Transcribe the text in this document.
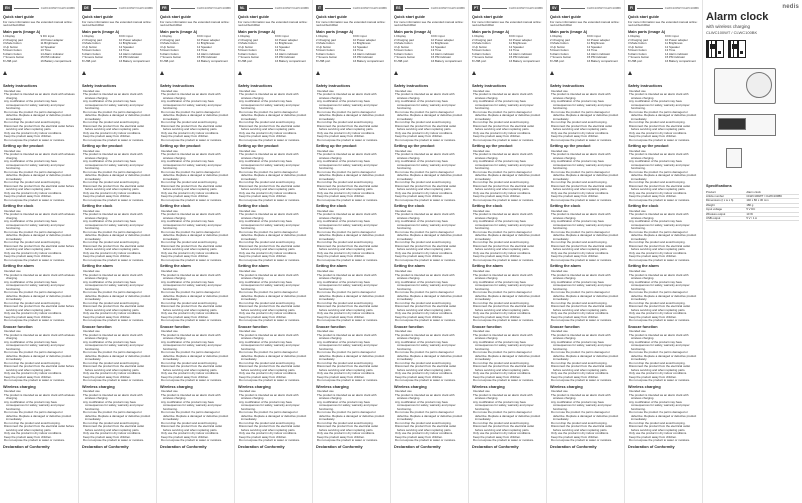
EN	CLWC100WT/CLWC100BK
Quick start guide
For more information see the extended manual online: ned.is/clwc100wt
Main parts (image A)
1 Display	9 DC input
2 Charging pad	10 Power adapter
3 Mode button	11 Brightness
4 Up button	12 Speaker
5 Down button	13 Time
6 Alarm button	14 Alarm indicator
7 Snooze button	15 PM indicator
8 USB port	16 Battery compartment
Safety instructions
Intended use
The product is intended as an alarm clock with wireless charging.
Any modification of the product may have consequences for safety, warranty and proper functioning.
Do not use the product if a part is damaged or defective. Replace a damaged or defective product immediately.
Do not drop the product and avoid bumping.
Disconnect the product from the electrical outlet before servicing and when replacing parts.
Only use the product in dry indoor conditions.
Keep the product away from children.
Do not expose the product to water or moisture.
Setting up the product
Intended use
The product is intended as an alarm clock with wireless charging.
Any modification of the product may have consequences for safety, warranty and proper functioning.
Do not use the product if a part is damaged or defective. Replace a damaged or defective product immediately.
Do not drop the product and avoid bumping.
Disconnect the product from the electrical outlet before servicing and when replacing parts.
Only use the product in dry indoor conditions.
Keep the product away from children.
Do not expose the product to water or moisture.
Setting the clock
Intended use
The product is intended as an alarm clock with wireless charging.
Any modification of the product may have consequences for safety, warranty and proper functioning.
Do not use the product if a part is damaged or defective. Replace a damaged or defective product immediately.
Do not drop the product and avoid bumping.
Disconnect the product from the electrical outlet before servicing and when replacing parts.
Only use the product in dry indoor conditions.
Keep the product away from children.
Do not expose the product to water or moisture.
Setting the alarm
Intended use
The product is intended as an alarm clock with wireless charging.
Any modification of the product may have consequences for safety, warranty and proper functioning.
Do not use the product if a part is damaged or defective. Replace a damaged or defective product immediately.
Do not drop the product and avoid bumping.
Disconnect the product from the electrical outlet before servicing and when replacing parts.
Only use the product in dry indoor conditions.
Keep the product away from children.
Do not expose the product to water or moisture.
Snooze function
Intended use
The product is intended as an alarm clock with wireless charging.
Any modification of the product may have consequences for safety, warranty and proper functioning.
Do not use the product if a part is damaged or defective. Replace a damaged or defective product immediately.
Do not drop the product and avoid bumping.
Disconnect the product from the electrical outlet before servicing and when replacing parts.
Only use the product in dry indoor conditions.
Keep the product away from children.
Do not expose the product to water or moisture.
Wireless charging
Intended use
The product is intended as an alarm clock with wireless charging.
Any modification of the product may have consequences for safety, warranty and proper functioning.
Do not use the product if a part is damaged or defective. Replace a damaged or defective product immediately.
Do not drop the product and avoid bumping.
Disconnect the product from the electrical outlet before servicing and when replacing parts.
Only use the product in dry indoor conditions.
Keep the product away from children.
Do not expose the product to water or moisture.
Declaration of Conformity
DE	CLWC100WT/CLWC100BK
Quick start guide
For more information see the extended manual online: ned.is/clwc100wt
Main parts (image A)
1 Display	9 DC input
2 Charging pad	10 Power adapter
3 Mode button	11 Brightness
4 Up button	12 Speaker
5 Down button	13 Time
6 Alarm button	14 Alarm indicator
7 Snooze button	15 PM indicator
8 USB port	16 Battery compartment
Safety instructions
Intended use
The product is intended as an alarm clock with wireless charging.
Any modification of the product may have consequences for safety, warranty and proper functioning.
Do not use the product if a part is damaged or defective. Replace a damaged or defective product immediately.
Do not drop the product and avoid bumping.
Disconnect the product from the electrical outlet before servicing and when replacing parts.
Only use the product in dry indoor conditions.
Keep the product away from children.
Do not expose the product to water or moisture.
Setting up the product
Intended use
The product is intended as an alarm clock with wireless charging.
Any modification of the product may have consequences for safety, warranty and proper functioning.
Do not use the product if a part is damaged or defective. Replace a damaged or defective product immediately.
Do not drop the product and avoid bumping.
Disconnect the product from the electrical outlet before servicing and when replacing parts.
Only use the product in dry indoor conditions.
Keep the product away from children.
Do not expose the product to water or moisture.
Setting the clock
Intended use
The product is intended as an alarm clock with wireless charging.
Any modification of the product may have consequences for safety, warranty and proper functioning.
Do not use the product if a part is damaged or defective. Replace a damaged or defective product immediately.
Do not drop the product and avoid bumping.
Disconnect the product from the electrical outlet before servicing and when replacing parts.
Only use the product in dry indoor conditions.
Keep the product away from children.
Do not expose the product to water or moisture.
Setting the alarm
Intended use
The product is intended as an alarm clock with wireless charging.
Any modification of the product may have consequences for safety, warranty and proper functioning.
Do not use the product if a part is damaged or defective. Replace a damaged or defective product immediately.
Do not drop the product and avoid bumping.
Disconnect the product from the electrical outlet before servicing and when replacing parts.
Only use the product in dry indoor conditions.
Keep the product away from children.
Do not expose the product to water or moisture.
Snooze function
Intended use
The product is intended as an alarm clock with wireless charging.
Any modification of the product may have consequences for safety, warranty and proper functioning.
Do not use the product if a part is damaged or defective. Replace a damaged or defective product immediately.
Do not drop the product and avoid bumping.
Disconnect the product from the electrical outlet before servicing and when replacing parts.
Only use the product in dry indoor conditions.
Keep the product away from children.
Do not expose the product to water or moisture.
Wireless charging
Intended use
The product is intended as an alarm clock with wireless charging.
Any modification of the product may have consequences for safety, warranty and proper functioning.
Do not use the product if a part is damaged or defective. Replace a damaged or defective product immediately.
Do not drop the product and avoid bumping.
Disconnect the product from the electrical outlet before servicing and when replacing parts.
Only use the product in dry indoor conditions.
Keep the product away from children.
Do not expose the product to water or moisture.
Declaration of Conformity
FR	CLWC100WT/CLWC100BK
Quick start guide
For more information see the extended manual online: ned.is/clwc100wt
Main parts (image A)
1 Display	9 DC input
2 Charging pad	10 Power adapter
3 Mode button	11 Brightness
4 Up button	12 Speaker
5 Down button	13 Time
6 Alarm button	14 Alarm indicator
7 Snooze button	15 PM indicator
8 USB port	16 Battery compartment
Safety instructions
Intended use
The product is intended as an alarm clock with wireless charging.
Any modification of the product may have consequences for safety, warranty and proper functioning.
Do not use the product if a part is damaged or defective. Replace a damaged or defective product immediately.
Do not drop the product and avoid bumping.
Disconnect the product from the electrical outlet before servicing and when replacing parts.
Only use the product in dry indoor conditions.
Keep the product away from children.
Do not expose the product to water or moisture.
Setting up the product
Intended use
The product is intended as an alarm clock with wireless charging.
Any modification of the product may have consequences for safety, warranty and proper functioning.
Do not use the product if a part is damaged or defective. Replace a damaged or defective product immediately.
Do not drop the product and avoid bumping.
Disconnect the product from the electrical outlet before servicing and when replacing parts.
Only use the product in dry indoor conditions.
Keep the product away from children.
Do not expose the product to water or moisture.
Setting the clock
Intended use
The product is intended as an alarm clock with wireless charging.
Any modification of the product may have consequences for safety, warranty and proper functioning.
Do not use the product if a part is damaged or defective. Replace a damaged or defective product immediately.
Do not drop the product and avoid bumping.
Disconnect the product from the electrical outlet before servicing and when replacing parts.
Only use the product in dry indoor conditions.
Keep the product away from children.
Do not expose the product to water or moisture.
Setting the alarm
Intended use
The product is intended as an alarm clock with wireless charging.
Any modification of the product may have consequences for safety, warranty and proper functioning.
Do not use the product if a part is damaged or defective. Replace a damaged or defective product immediately.
Do not drop the product and avoid bumping.
Disconnect the product from the electrical outlet before servicing and when replacing parts.
Only use the product in dry indoor conditions.
Keep the product away from children.
Do not expose the product to water or moisture.
Snooze function
Intended use
The product is intended as an alarm clock with wireless charging.
Any modification of the product may have consequences for safety, warranty and proper functioning.
Do not use the product if a part is damaged or defective. Replace a damaged or defective product immediately.
Do not drop the product and avoid bumping.
Disconnect the product from the electrical outlet before servicing and when replacing parts.
Only use the product in dry indoor conditions.
Keep the product away from children.
Do not expose the product to water or moisture.
Wireless charging
Intended use
The product is intended as an alarm clock with wireless charging.
Any modification of the product may have consequences for safety, warranty and proper functioning.
Do not use the product if a part is damaged or defective. Replace a damaged or defective product immediately.
Do not drop the product and avoid bumping.
Disconnect the product from the electrical outlet before servicing and when replacing parts.
Only use the product in dry indoor conditions.
Keep the product away from children.
Do not expose the product to water or moisture.
Declaration of Conformity
NL	CLWC100WT/CLWC100BK
Quick start guide
For more information see the extended manual online: ned.is/clwc100wt
Main parts (image A)
1 Display	9 DC input
2 Charging pad	10 Power adapter
3 Mode button	11 Brightness
4 Up button	12 Speaker
5 Down button	13 Time
6 Alarm button	14 Alarm indicator
7 Snooze button	15 PM indicator
8 USB port	16 Battery compartment
Safety instructions
Intended use
The product is intended as an alarm clock with wireless charging.
Any modification of the product may have consequences for safety, warranty and proper functioning.
Do not use the product if a part is damaged or defective. Replace a damaged or defective product immediately.
Do not drop the product and avoid bumping.
Disconnect the product from the electrical outlet before servicing and when replacing parts.
Only use the product in dry indoor conditions.
Keep the product away from children.
Do not expose the product to water or moisture.
Setting up the product
Intended use
The product is intended as an alarm clock with wireless charging.
Any modification of the product may have consequences for safety, warranty and proper functioning.
Do not use the product if a part is damaged or defective. Replace a damaged or defective product immediately.
Do not drop the product and avoid bumping.
Disconnect the product from the electrical outlet before servicing and when replacing parts.
Only use the product in dry indoor conditions.
Keep the product away from children.
Do not expose the product to water or moisture.
Setting the clock
Intended use
The product is intended as an alarm clock with wireless charging.
Any modification of the product may have consequences for safety, warranty and proper functioning.
Do not use the product if a part is damaged or defective. Replace a damaged or defective product immediately.
Do not drop the product and avoid bumping.
Disconnect the product from the electrical outlet before servicing and when replacing parts.
Only use the product in dry indoor conditions.
Keep the product away from children.
Do not expose the product to water or moisture.
Setting the alarm
Intended use
The product is intended as an alarm clock with wireless charging.
Any modification of the product may have consequences for safety, warranty and proper functioning.
Do not use the product if a part is damaged or defective. Replace a damaged or defective product immediately.
Do not drop the product and avoid bumping.
Disconnect the product from the electrical outlet before servicing and when replacing parts.
Only use the product in dry indoor conditions.
Keep the product away from children.
Do not expose the product to water or moisture.
Snooze function
Intended use
The product is intended as an alarm clock with wireless charging.
Any modification of the product may have consequences for safety, warranty and proper functioning.
Do not use the product if a part is damaged or defective. Replace a damaged or defective product immediately.
Do not drop the product and avoid bumping.
Disconnect the product from the electrical outlet before servicing and when replacing parts.
Only use the product in dry indoor conditions.
Keep the product away from children.
Do not expose the product to water or moisture.
Wireless charging
Intended use
The product is intended as an alarm clock with wireless charging.
Any modification of the product may have consequences for safety, warranty and proper functioning.
Do not use the product if a part is damaged or defective. Replace a damaged or defective product immediately.
Do not drop the product and avoid bumping.
Disconnect the product from the electrical outlet before servicing and when replacing parts.
Only use the product in dry indoor conditions.
Keep the product away from children.
Do not expose the product to water or moisture.
Declaration of Conformity
IT	CLWC100WT/CLWC100BK
Quick start guide
For more information see the extended manual online: ned.is/clwc100wt
Main parts (image A)
1 Display	9 DC input
2 Charging pad	10 Power adapter
3 Mode button	11 Brightness
4 Up button	12 Speaker
5 Down button	13 Time
6 Alarm button	14 Alarm indicator
7 Snooze button	15 PM indicator
8 USB port	16 Battery compartment
Safety instructions
Intended use
The product is intended as an alarm clock with wireless charging.
Any modification of the product may have consequences for safety, warranty and proper functioning.
Do not use the product if a part is damaged or defective. Replace a damaged or defective product immediately.
Do not drop the product and avoid bumping.
Disconnect the product from the electrical outlet before servicing and when replacing parts.
Only use the product in dry indoor conditions.
Keep the product away from children.
Do not expose the product to water or moisture.
Setting up the product
Intended use
The product is intended as an alarm clock with wireless charging.
Any modification of the product may have consequences for safety, warranty and proper functioning.
Do not use the product if a part is damaged or defective. Replace a damaged or defective product immediately.
Do not drop the product and avoid bumping.
Disconnect the product from the electrical outlet before servicing and when replacing parts.
Only use the product in dry indoor conditions.
Keep the product away from children.
Do not expose the product to water or moisture.
Setting the clock
Intended use
The product is intended as an alarm clock with wireless charging.
Any modification of the product may have consequences for safety, warranty and proper functioning.
Do not use the product if a part is damaged or defective. Replace a damaged or defective product immediately.
Do not drop the product and avoid bumping.
Disconnect the product from the electrical outlet before servicing and when replacing parts.
Only use the product in dry indoor conditions.
Keep the product away from children.
Do not expose the product to water or moisture.
Setting the alarm
Intended use
The product is intended as an alarm clock with wireless charging.
Any modification of the product may have consequences for safety, warranty and proper functioning.
Do not use the product if a part is damaged or defective. Replace a damaged or defective product immediately.
Do not drop the product and avoid bumping.
Disconnect the product from the electrical outlet before servicing and when replacing parts.
Only use the product in dry indoor conditions.
Keep the product away from children.
Do not expose the product to water or moisture.
Snooze function
Intended use
The product is intended as an alarm clock with wireless charging.
Any modification of the product may have consequences for safety, warranty and proper functioning.
Do not use the product if a part is damaged or defective. Replace a damaged or defective product immediately.
Do not drop the product and avoid bumping.
Disconnect the product from the electrical outlet before servicing and when replacing parts.
Only use the product in dry indoor conditions.
Keep the product away from children.
Do not expose the product to water or moisture.
Wireless charging
Intended use
The product is intended as an alarm clock with wireless charging.
Any modification of the product may have consequences for safety, warranty and proper functioning.
Do not use the product if a part is damaged or defective. Replace a damaged or defective product immediately.
Do not drop the product and avoid bumping.
Disconnect the product from the electrical outlet before servicing and when replacing parts.
Only use the product in dry indoor conditions.
Keep the product away from children.
Do not expose the product to water or moisture.
Declaration of Conformity
ES	CLWC100WT/CLWC100BK
Quick start guide
For more information see the extended manual online: ned.is/clwc100wt
Main parts (image A)
1 Display	9 DC input
2 Charging pad	10 Power adapter
3 Mode button	11 Brightness
4 Up button	12 Speaker
5 Down button	13 Time
6 Alarm button	14 Alarm indicator
7 Snooze button	15 PM indicator
8 USB port	16 Battery compartment
Safety instructions
Intended use
The product is intended as an alarm clock with wireless charging.
Any modification of the product may have consequences for safety, warranty and proper functioning.
Do not use the product if a part is damaged or defective. Replace a damaged or defective product immediately.
Do not drop the product and avoid bumping.
Disconnect the product from the electrical outlet before servicing and when replacing parts.
Only use the product in dry indoor conditions.
Keep the product away from children.
Do not expose the product to water or moisture.
Setting up the product
Intended use
The product is intended as an alarm clock with wireless charging.
Any modification of the product may have consequences for safety, warranty and proper functioning.
Do not use the product if a part is damaged or defective. Replace a damaged or defective product immediately.
Do not drop the product and avoid bumping.
Disconnect the product from the electrical outlet before servicing and when replacing parts.
Only use the product in dry indoor conditions.
Keep the product away from children.
Do not expose the product to water or moisture.
Setting the clock
Intended use
The product is intended as an alarm clock with wireless charging.
Any modification of the product may have consequences for safety, warranty and proper functioning.
Do not use the product if a part is damaged or defective. Replace a damaged or defective product immediately.
Do not drop the product and avoid bumping.
Disconnect the product from the electrical outlet before servicing and when replacing parts.
Only use the product in dry indoor conditions.
Keep the product away from children.
Do not expose the product to water or moisture.
Setting the alarm
Intended use
The product is intended as an alarm clock with wireless charging.
Any modification of the product may have consequences for safety, warranty and proper functioning.
Do not use the product if a part is damaged or defective. Replace a damaged or defective product immediately.
Do not drop the product and avoid bumping.
Disconnect the product from the electrical outlet before servicing and when replacing parts.
Only use the product in dry indoor conditions.
Keep the product away from children.
Do not expose the product to water or moisture.
Snooze function
Intended use
The product is intended as an alarm clock with wireless charging.
Any modification of the product may have consequences for safety, warranty and proper functioning.
Do not use the product if a part is damaged or defective. Replace a damaged or defective product immediately.
Do not drop the product and avoid bumping.
Disconnect the product from the electrical outlet before servicing and when replacing parts.
Only use the product in dry indoor conditions.
Keep the product away from children.
Do not expose the product to water or moisture.
Wireless charging
Intended use
The product is intended as an alarm clock with wireless charging.
Any modification of the product may have consequences for safety, warranty and proper functioning.
Do not use the product if a part is damaged or defective. Replace a damaged or defective product immediately.
Do not drop the product and avoid bumping.
Disconnect the product from the electrical outlet before servicing and when replacing parts.
Only use the product in dry indoor conditions.
Keep the product away from children.
Do not expose the product to water or moisture.
Declaration of Conformity
PT	CLWC100WT/CLWC100BK
Quick start guide
For more information see the extended manual online: ned.is/clwc100wt
Main parts (image A)
1 Display	9 DC input
2 Charging pad	10 Power adapter
3 Mode button	11 Brightness
4 Up button	12 Speaker
5 Down button	13 Time
6 Alarm button	14 Alarm indicator
7 Snooze button	15 PM indicator
8 USB port	16 Battery compartment
Safety instructions
Intended use
The product is intended as an alarm clock with wireless charging.
Any modification of the product may have consequences for safety, warranty and proper functioning.
Do not use the product if a part is damaged or defective. Replace a damaged or defective product immediately.
Do not drop the product and avoid bumping.
Disconnect the product from the electrical outlet before servicing and when replacing parts.
Only use the product in dry indoor conditions.
Keep the product away from children.
Do not expose the product to water or moisture.
Setting up the product
Intended use
The product is intended as an alarm clock with wireless charging.
Any modification of the product may have consequences for safety, warranty and proper functioning.
Do not use the product if a part is damaged or defective. Replace a damaged or defective product immediately.
Do not drop the product and avoid bumping.
Disconnect the product from the electrical outlet before servicing and when replacing parts.
Only use the product in dry indoor conditions.
Keep the product away from children.
Do not expose the product to water or moisture.
Setting the clock
Intended use
The product is intended as an alarm clock with wireless charging.
Any modification of the product may have consequences for safety, warranty and proper functioning.
Do not use the product if a part is damaged or defective. Replace a damaged or defective product immediately.
Do not drop the product and avoid bumping.
Disconnect the product from the electrical outlet before servicing and when replacing parts.
Only use the product in dry indoor conditions.
Keep the product away from children.
Do not expose the product to water or moisture.
Setting the alarm
Intended use
The product is intended as an alarm clock with wireless charging.
Any modification of the product may have consequences for safety, warranty and proper functioning.
Do not use the product if a part is damaged or defective. Replace a damaged or defective product immediately.
Do not drop the product and avoid bumping.
Disconnect the product from the electrical outlet before servicing and when replacing parts.
Only use the product in dry indoor conditions.
Keep the product away from children.
Do not expose the product to water or moisture.
Snooze function
Intended use
The product is intended as an alarm clock with wireless charging.
Any modification of the product may have consequences for safety, warranty and proper functioning.
Do not use the product if a part is damaged or defective. Replace a damaged or defective product immediately.
Do not drop the product and avoid bumping.
Disconnect the product from the electrical outlet before servicing and when replacing parts.
Only use the product in dry indoor conditions.
Keep the product away from children.
Do not expose the product to water or moisture.
Wireless charging
Intended use
The product is intended as an alarm clock with wireless charging.
Any modification of the product may have consequences for safety, warranty and proper functioning.
Do not use the product if a part is damaged or defective. Replace a damaged or defective product immediately.
Do not drop the product and avoid bumping.
Disconnect the product from the electrical outlet before servicing and when replacing parts.
Only use the product in dry indoor conditions.
Keep the product away from children.
Do not expose the product to water or moisture.
Declaration of Conformity
SV	CLWC100WT/CLWC100BK
Quick start guide
For more information see the extended manual online: ned.is/clwc100wt
Main parts (image A)
1 Display	9 DC input
2 Charging pad	10 Power adapter
3 Mode button	11 Brightness
4 Up button	12 Speaker
5 Down button	13 Time
6 Alarm button	14 Alarm indicator
7 Snooze button	15 PM indicator
8 USB port	16 Battery compartment
Safety instructions
Intended use
The product is intended as an alarm clock with wireless charging.
Any modification of the product may have consequences for safety, warranty and proper functioning.
Do not use the product if a part is damaged or defective. Replace a damaged or defective product immediately.
Do not drop the product and avoid bumping.
Disconnect the product from the electrical outlet before servicing and when replacing parts.
Only use the product in dry indoor conditions.
Keep the product away from children.
Do not expose the product to water or moisture.
Setting up the product
Intended use
The product is intended as an alarm clock with wireless charging.
Any modification of the product may have consequences for safety, warranty and proper functioning.
Do not use the product if a part is damaged or defective. Replace a damaged or defective product immediately.
Do not drop the product and avoid bumping.
Disconnect the product from the electrical outlet before servicing and when replacing parts.
Only use the product in dry indoor conditions.
Keep the product away from children.
Do not expose the product to water or moisture.
Setting the clock
Intended use
The product is intended as an alarm clock with wireless charging.
Any modification of the product may have consequences for safety, warranty and proper functioning.
Do not use the product if a part is damaged or defective. Replace a damaged or defective product immediately.
Do not drop the product and avoid bumping.
Disconnect the product from the electrical outlet before servicing and when replacing parts.
Only use the product in dry indoor conditions.
Keep the product away from children.
Do not expose the product to water or moisture.
Setting the alarm
Intended use
The product is intended as an alarm clock with wireless charging.
Any modification of the product may have consequences for safety, warranty and proper functioning.
Do not use the product if a part is damaged or defective. Replace a damaged or defective product immediately.
Do not drop the product and avoid bumping.
Disconnect the product from the electrical outlet before servicing and when replacing parts.
Only use the product in dry indoor conditions.
Keep the product away from children.
Do not expose the product to water or moisture.
Snooze function
Intended use
The product is intended as an alarm clock with wireless charging.
Any modification of the product may have consequences for safety, warranty and proper functioning.
Do not use the product if a part is damaged or defective. Replace a damaged or defective product immediately.
Do not drop the product and avoid bumping.
Disconnect the product from the electrical outlet before servicing and when replacing parts.
Only use the product in dry indoor conditions.
Keep the product away from children.
Do not expose the product to water or moisture.
Wireless charging
Intended use
The product is intended as an alarm clock with wireless charging.
Any modification of the product may have consequences for safety, warranty and proper functioning.
Do not use the product if a part is damaged or defective. Replace a damaged or defective product immediately.
Do not drop the product and avoid bumping.
Disconnect the product from the electrical outlet before servicing and when replacing parts.
Only use the product in dry indoor conditions.
Keep the product away from children.
Do not expose the product to water or moisture.
Declaration of Conformity
FI	CLWC100WT/CLWC100BK
Quick start guide
For more information see the extended manual online: ned.is/clwc100wt
Main parts (image A)
1 Display	9 DC input
2 Charging pad	10 Power adapter
3 Mode button	11 Brightness
4 Up button	12 Speaker
5 Down button	13 Time
6 Alarm button	14 Alarm indicator
7 Snooze button	15 PM indicator
8 USB port	16 Battery compartment
Safety instructions
Intended use
The product is intended as an alarm clock with wireless charging.
Any modification of the product may have consequences for safety, warranty and proper functioning.
Do not use the product if a part is damaged or defective. Replace a damaged or defective product immediately.
Do not drop the product and avoid bumping.
Disconnect the product from the electrical outlet before servicing and when replacing parts.
Only use the product in dry indoor conditions.
Keep the product away from children.
Do not expose the product to water or moisture.
Setting up the product
Intended use
The product is intended as an alarm clock with wireless charging.
Any modification of the product may have consequences for safety, warranty and proper functioning.
Do not use the product if a part is damaged or defective. Replace a damaged or defective product immediately.
Do not drop the product and avoid bumping.
Disconnect the product from the electrical outlet before servicing and when replacing parts.
Only use the product in dry indoor conditions.
Keep the product away from children.
Do not expose the product to water or moisture.
Setting the clock
Intended use
The product is intended as an alarm clock with wireless charging.
Any modification of the product may have consequences for safety, warranty and proper functioning.
Do not use the product if a part is damaged or defective. Replace a damaged or defective product immediately.
Do not drop the product and avoid bumping.
Disconnect the product from the electrical outlet before servicing and when replacing parts.
Only use the product in dry indoor conditions.
Keep the product away from children.
Do not expose the product to water or moisture.
Setting the alarm
Intended use
The product is intended as an alarm clock with wireless charging.
Any modification of the product may have consequences for safety, warranty and proper functioning.
Do not use the product if a part is damaged or defective. Replace a damaged or defective product immediately.
Do not drop the product and avoid bumping.
Disconnect the product from the electrical outlet before servicing and when replacing parts.
Only use the product in dry indoor conditions.
Keep the product away from children.
Do not expose the product to water or moisture.
Snooze function
Intended use
The product is intended as an alarm clock with wireless charging.
Any modification of the product may have consequences for safety, warranty and proper functioning.
Do not use the product if a part is damaged or defective. Replace a damaged or defective product immediately.
Do not drop the product and avoid bumping.
Disconnect the product from the electrical outlet before servicing and when replacing parts.
Only use the product in dry indoor conditions.
Keep the product away from children.
Do not expose the product to water or moisture.
Wireless charging
Intended use
The product is intended as an alarm clock with wireless charging.
Any modification of the product may have consequences for safety, warranty and proper functioning.
Do not use the product if a part is damaged or defective. Replace a damaged or defective product immediately.
Do not drop the product and avoid bumping.
Disconnect the product from the electrical outlet before servicing and when replacing parts.
Only use the product in dry indoor conditions.
Keep the product away from children.
Do not expose the product to water or moisture.
Declaration of Conformity
nedis
Alarm clock
with wireless charging
CLWC100WT / CLWC100BK
Specifications
Product	Alarm clock
Article number	CLWC100WT / CLWC100BK
Dimensions (l x w x h)	140 x 80 x 30 mm
Weight	180 g
Input voltage	5 V DC
Wireless output	10 W
USB output	5 V / 1 A
